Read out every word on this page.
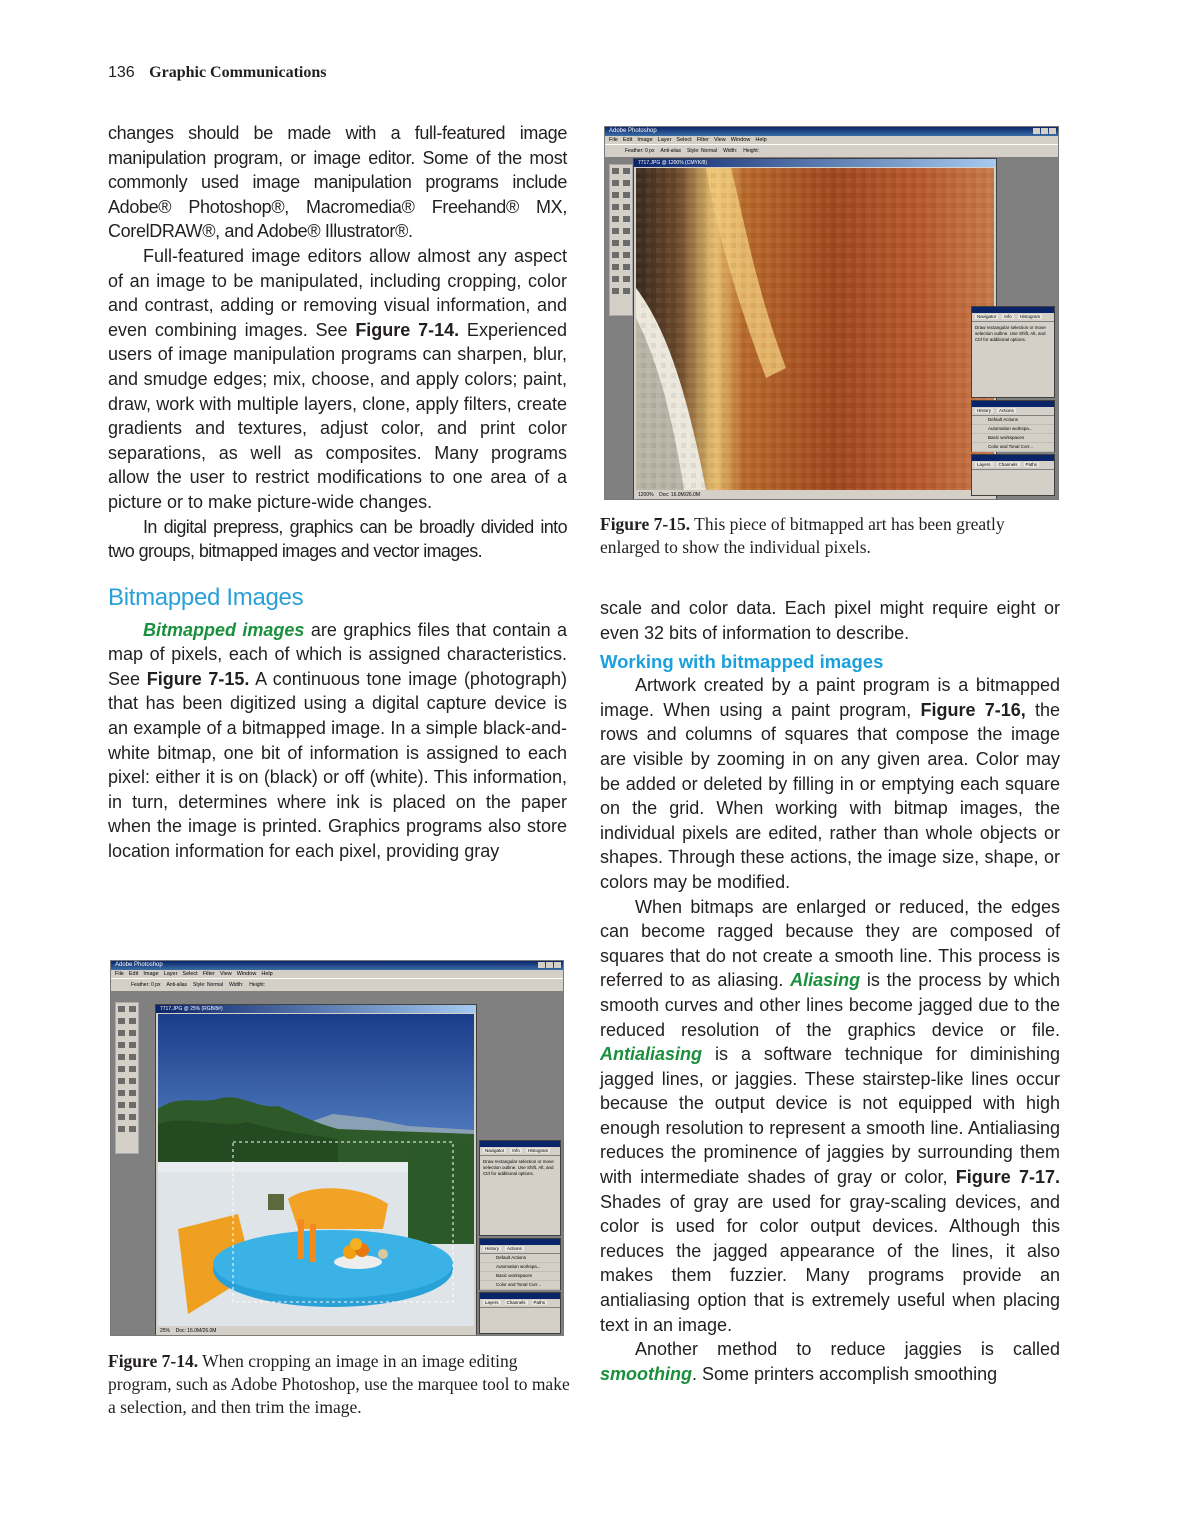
136 Graphic Communications

changes should be made with a full-featured image manipulation program, or image editor. Some of the most commonly used image manipulation programs include Adobe® Photoshop®, Macromedia® Freehand® MX, CorelDRAW®, and Adobe® Illustrator®.

Full-featured image editors allow almost any aspect of an image to be manipulated, including cropping, color and contrast, adding or removing visual information, and even combining images. See Figure 7-14. Experienced users of image manipulation programs can sharpen, blur, and smudge edges; mix, choose, and apply colors; paint, draw, work with multiple layers, clone, apply filters, create gradients and textures, adjust color, and print color separations, as well as composites. Many programs allow the user to restrict modifications to one area of a picture or to make picture-wide changes.

In digital prepress, graphics can be broadly divided into two groups, bitmapped images and vector images.

Bitmapped Images

Bitmapped images are graphics files that contain a map of pixels, each of which is assigned characteristics. See Figure 7-15. A continuous tone image (photograph) that has been digitized using a digital capture device is an example of a bitmapped image. In a simple black-and-white bitmap, one bit of information is assigned to each pixel: either it is on (black) or off (white). This information, in turn, determines where ink is placed on the paper when the image is printed. Graphics programs also store location information for each pixel, providing gray

scale and color data. Each pixel might require eight or even 32 bits of information to describe.

Working with bitmapped images

Artwork created by a paint program is a bitmapped image. When using a paint program, Figure 7-16, the rows and columns of squares that compose the image are visible by zooming in on any given area. Color may be added or deleted by filling in or emptying each square on the grid. When working with bitmap images, the individual pixels are edited, rather than whole objects or shapes. Through these actions, the image size, shape, or colors may be modified.

When bitmaps are enlarged or reduced, the edges can become ragged because they are composed of squares that do not create a smooth line. This process is referred to as aliasing. Aliasing is the process by which smooth curves and other lines become jagged due to the reduced resolution of the graphics device or file. Antialiasing is a software technique for diminishing jagged lines, or jaggies. These stairstep-like lines occur because the output device is not equipped with high enough resolution to represent a smooth line. Antialiasing reduces the prominence of jaggies by surrounding them with intermediate shades of gray or color, Figure 7-17. Shades of gray are used for gray-scaling devices, and color is used for color output devices. Although this reduces the jagged appearance of the lines, it also makes them fuzzier. Many programs provide an antialiasing option that is extremely useful when placing text in an image.

Another method to reduce jaggies is called smoothing. Some printers accomplish smoothing

Adobe Photoshop
File Edit Image Layer Select Filter View Window Help
Feather: 0 px Anti-alias Style: Normal Width: Height:
7717.JPG @ 1200% (CMYK/8)
1200% Doc: 16.0M/26.0M
Navigator Info Histogram
Draw rectangular selection or move selection outline. Use Shift, Alt, and Ctrl for additional options.
History Actions
Default Actions
Automation workspa...
Basic workspaces
Color and Tonal Corr...
Layers Channels Paths
Figure 7-15. This piece of bitmapped art has been greatly enlarged to show the individual pixels.
Adobe Photoshop
File Edit Image Layer Select Filter View Window Help
Feather: 0 px Anti-alias Style: Normal Width: Height:
7717.JPG @ 25% (RGB/8#)
25% Doc: 16.0M/26.0M
Navigator Info Histogram
Draw rectangular selection or move selection outline. Use Shift, Alt, and Ctrl for additional options.
History Actions
Default Actions
Automation workspa...
Basic workspaces
Color and Tonal Corr...
Layers Channels Paths
Figure 7-14. When cropping an image in an image editing program, such as Adobe Photoshop, use the marquee tool to make a selection, and then trim the image.
